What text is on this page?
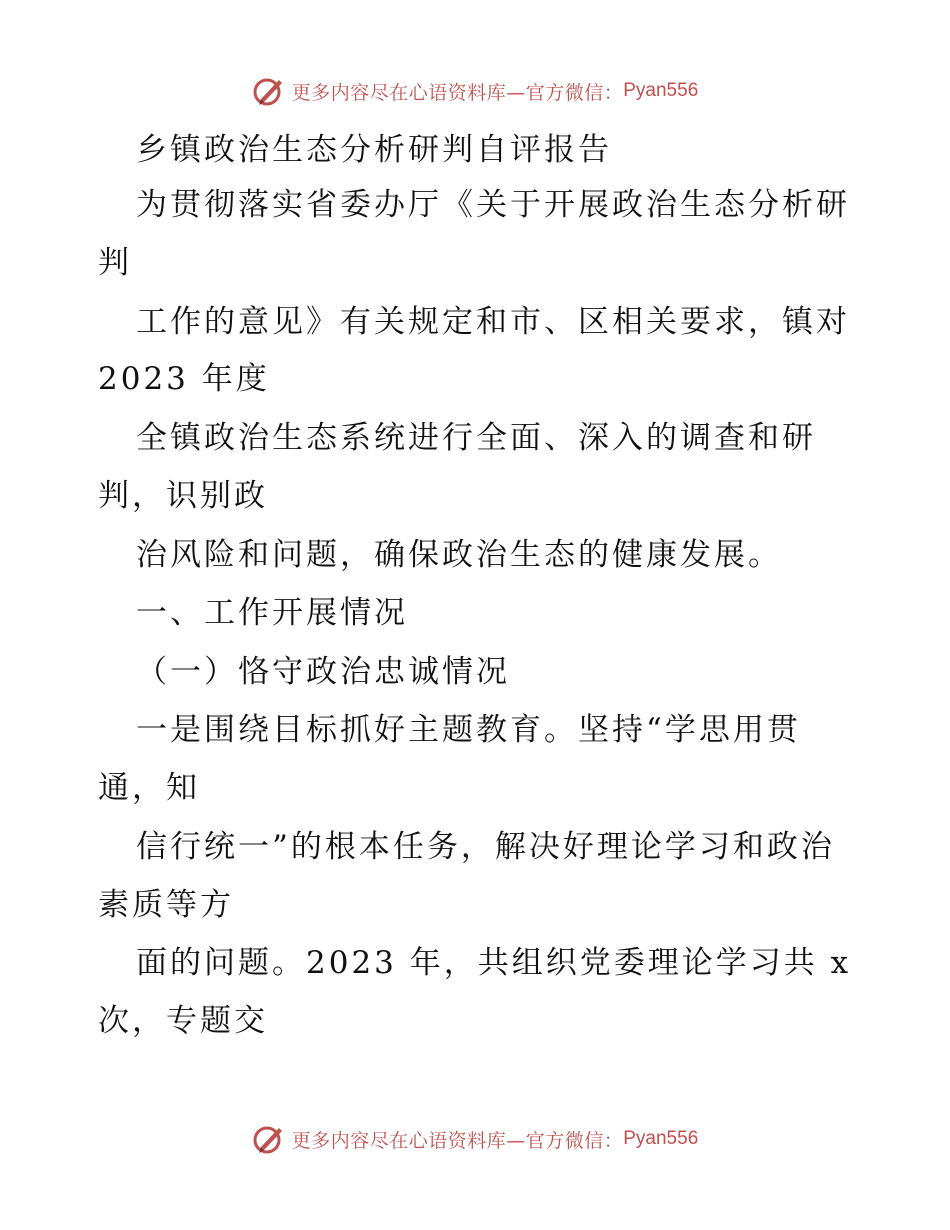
更多内容尽在心语资料库—官方微信： Pyan556
乡镇政治生态分析研判自评报告
为贯彻落实省委办厅《关于开展政治生态分析研
判
工作的意见》有关规定和市、区相关要求，镇对
2023 年度
全镇政治生态系统进行全面、深入的调查和研
判，识别政
治风险和问题，确保政治生态的健康发展。
一、工作开展情况
（一）恪守政治忠诚情况
一是围绕目标抓好主题教育。坚持“学思用贯
通，知
信行统一”的根本任务，解决好理论学习和政治
素质等方
面的问题。2023 年，共组织党委理论学习共 x
次，专题交
更多内容尽在心语资料库—官方微信： Pyan556
